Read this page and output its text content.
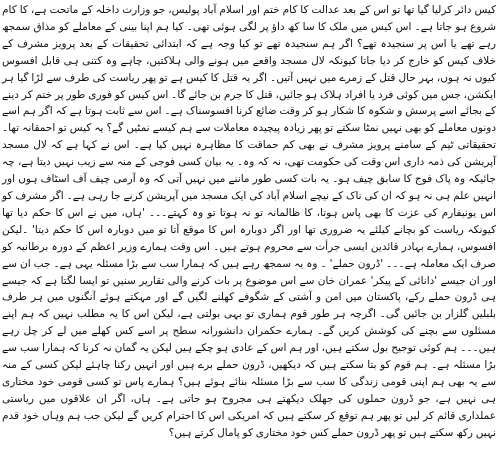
کیس دائر کرلیا گیا تھا تو اس کے بعد عدالت کا کام ختم اور اسلام آباد پولیس، جو وزارت داخلہ کے ماتحت ہے، کا کام شروع ہو جاتا ہے۔ اس کیس میں ملک کا سا کھ داؤ پر لگی ہوئی تھی۔ کیا ہم اپنا بینی کے معاملے کو مذاق سمجھ رہے تھے یا اس پر سنجیدہ تھے؟ اگر ہم سنجیدہ تھے تو کیا وجہ ہے کہ ابتدائی تحقیقات کے بعد پرویز مشرف کے خلاف کیس کو خارج کر دیا جاتا کیونکہ لال مسجد واقعے میں ہونے والی ہلاکتیں، چاہے وہ کتنی ہی قابل افسوس کیوں نہ ہوں، بہر حال قتل کے زمرے میں نہیں آتیں۔ اگر یہ قتل کا کیس ہے تو پھر ریاست کی طرف سے لڑا گیا ہر ایکشن، جس میں کوئی فرد یا افراد ہلاک ہو جائیں، قتل کا جرم بن جائے گا۔ اس کیس کو فوری طور پر ختم کر دینے کے بجائے اسے پرسش و شکوہ کا شکار ہو کر وقت ضائع کرنا افسوسناک ہے۔ اس سے ثابت ہوتا ہے کہ اگر ہم اسے دونوں معاملے کو بھی نہیں نمٹا سکتے تو پھر زیادہ پیچیدہ معاملات سے ہم کیسے نمٹیں گے؟ یہ کیس تو احمقانہ تھا۔ تحقیقاتی ٹیم کے سامنے پرویز مشرف نے بھی کم حماقت کا مظاہرہ نہیں کیا ہے۔ اس نے کہا ہے کہ لال مسجد آپریشن کی ذمہ داری اس وقت کی حکومت تھی، نہ کہ وہ۔ یہ بیان کسی فوجی کے منہ سے زیب نہیں دیتا ہے، چہ جائیکہ وہ پاک فوج کا سابق چیف ہو۔ یہ بات کسی طور ماننے میں نہیں آتی کہ وہ آرمی چیف آف اسٹاف ہوں اور انہیں علم ہی نہ ہو کہ ان کی ناک کے نیچے اسلام آباد کی ایک مسجد میں آپریشن کرنے جا رہی ہے۔ اگر مشرف کو اس یونیفارم کی عزت کا بھی پاس ہوتا، کا ظالمانہ تو نہ ہوتا تو وہ کہتے۔۔۔ 'ہاں، میں نے اس کا حکم دیا تھا کیونکہ ریاست کو بچانے کیلئے یہ ضروری تھا اور اگر دوبارہ اس کا موقع آتا تو میں دوبارہ اس کا حکم دیتا' ۔لیکن افسوس، ہمارے بہادر قائدین ایسی جرأت سے محروم ہوتے ہیں۔ اس وقت ہمارے وزیر اعظم کے دورہ برطانیہ کو صرف ایک معاملہ ہے۔۔۔ 'ڈرون حملے' ۔ وہ یہ سمجھ رہے ہیں کہ ہمارا سب سے بڑا مسئلہ یہی ہے۔ جب ان سے اور ان جیسے 'دانائی کے پیکر' عمران خان سے اس موضوع پر بات کرنے والی تقاریر سنیں تو ایسا لگتا ہے کہ جیسے ہی ڈرون حملے رکے، پاکستان میں امن و آشتی کے شگوفے کھلنے لگیں گے اور مہکتے ہوئے آنگنوں میں ہر طرف بلبلیں گلزار بن جائیں گی۔ اگرچہ ہر طور قوم ہماری تو بہی بولتی ہے، لیکن اس کا یہ مطلب نہیں کہ ہم اپنے مسئلوں سے بچنے کی کوشش کریں گے۔ ہمارے حکمران دانشورانہ سطح پر اسے کس کھلے میں لے کر چل رہے ہیں۔۔۔ ہم کوئی توجیح بول سکتے ہیں، اور ہم اس کے عادی ہو چکے ہیں لیکن یہ گمان نہ کرنا کہ ہمارا سب سے بڑا مسئلہ ہے۔ ہم قوم کو بتا سکتے ہیں کہ دیکھیں، ڈرون حملے برے ہیں اور انہیں رکنا چاہئے لیکن کسی کے منہ سے یہ بھی ہم اپنی قومی زندگی کا سب سے بڑا مسئلہ بنائے ہوئے ہیں؟ ہمارے پاس تو کسی قومی خود مختاری ہی نہیں ہے، جو ڈرون حملوں کی جھلک دیکھتے ہی مجروح ہو جاتی ہے۔ ہاں، اگر ان علاقوں میں ریاستی عملداری قائم کر لیں تو پھر ہم توقع کر سکتے ہیں کہ امریکی اس کا احترام کریں گے لیکن جب ہم وہاں خود قدم نہیں رکھ سکتے ہیں تو پھر ڈرون حملے کس خود مختاری کو پامال کرتے ہیں؟
